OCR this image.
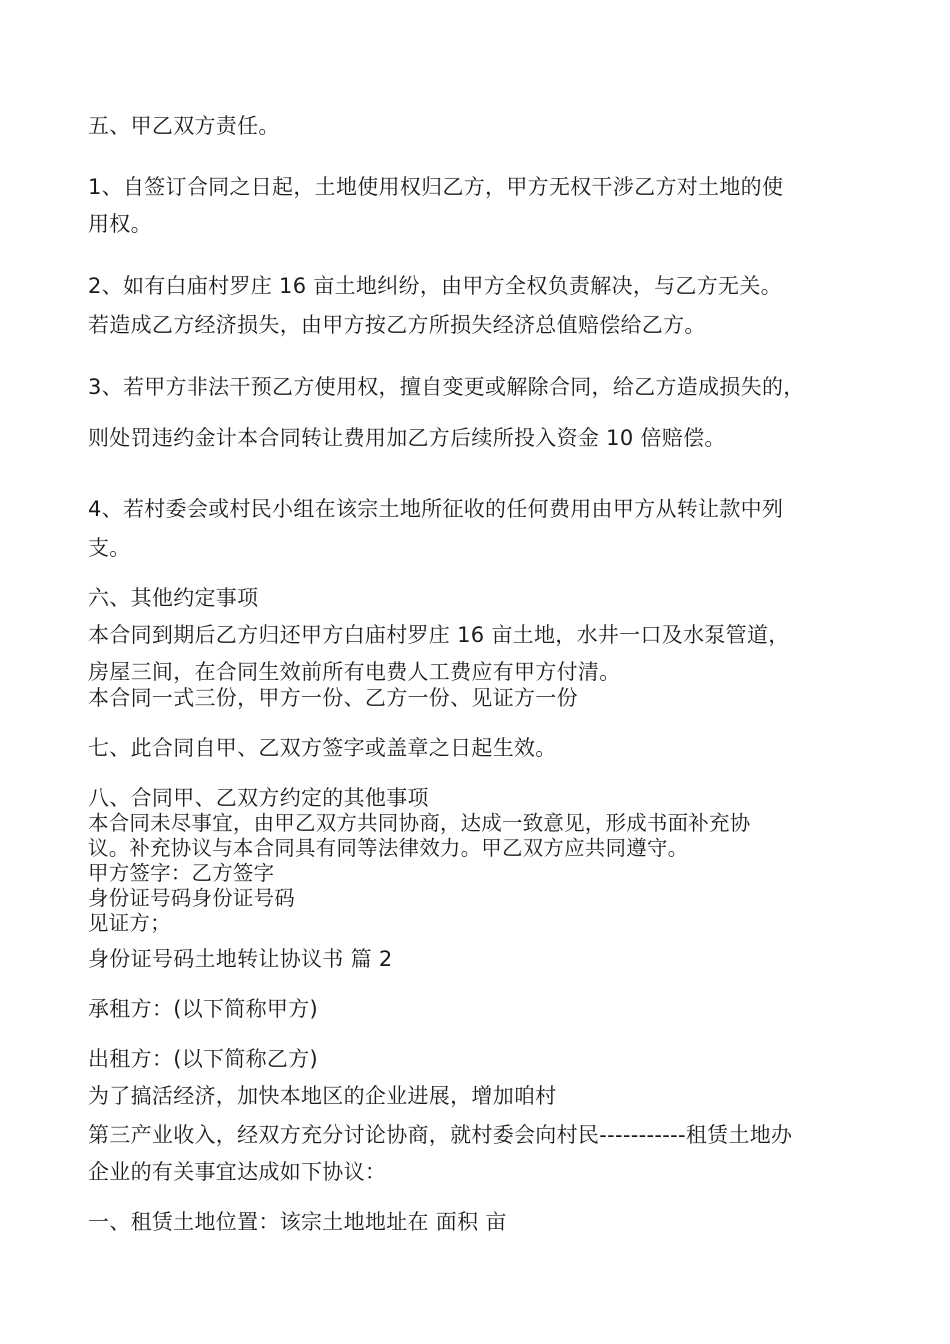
五、甲乙双方责任。
1、自签订合同之日起，土地使用权归乙方，甲方无权干涉乙方对土地的使
用权。
2、如有白庙村罗庄 16 亩土地纠纷，由甲方全权负责解决，与乙方无关。
若造成乙方经济损失，由甲方按乙方所损失经济总值赔偿给乙方。
3、若甲方非法干预乙方使用权，擅自变更或解除合同，给乙方造成损失的，
则处罚违约金计本合同转让费用加乙方后续所投入资金 10 倍赔偿。
4、若村委会或村民小组在该宗土地所征收的任何费用由甲方从转让款中列
支。
六、其他约定事项
本合同到期后乙方归还甲方白庙村罗庄 16 亩土地，水井一口及水泵管道，
房屋三间，在合同生效前所有电费人工费应有甲方付清。
本合同一式三份，甲方一份、乙方一份、见证方一份
七、此合同自甲、乙双方签字或盖章之日起生效。
八、合同甲、乙双方约定的其他事项
本合同未尽事宜，由甲乙双方共同协商，达成一致意见，形成书面补充协
议。补充协议与本合同具有同等法律效力。甲乙双方应共同遵守。
甲方签字：乙方签字
身份证号码身份证号码
见证方；
身份证号码土地转让协议书 篇 2
承租方：(以下简称甲方)
出租方：(以下简称乙方)
为了搞活经济，加快本地区的企业进展，增加咱村
第三产业收入，经双方充分讨论协商，就村委会向村民-----------租赁土地办
企业的有关事宜达成如下协议：
一、租赁土地位置：该宗土地地址在 面积 亩
